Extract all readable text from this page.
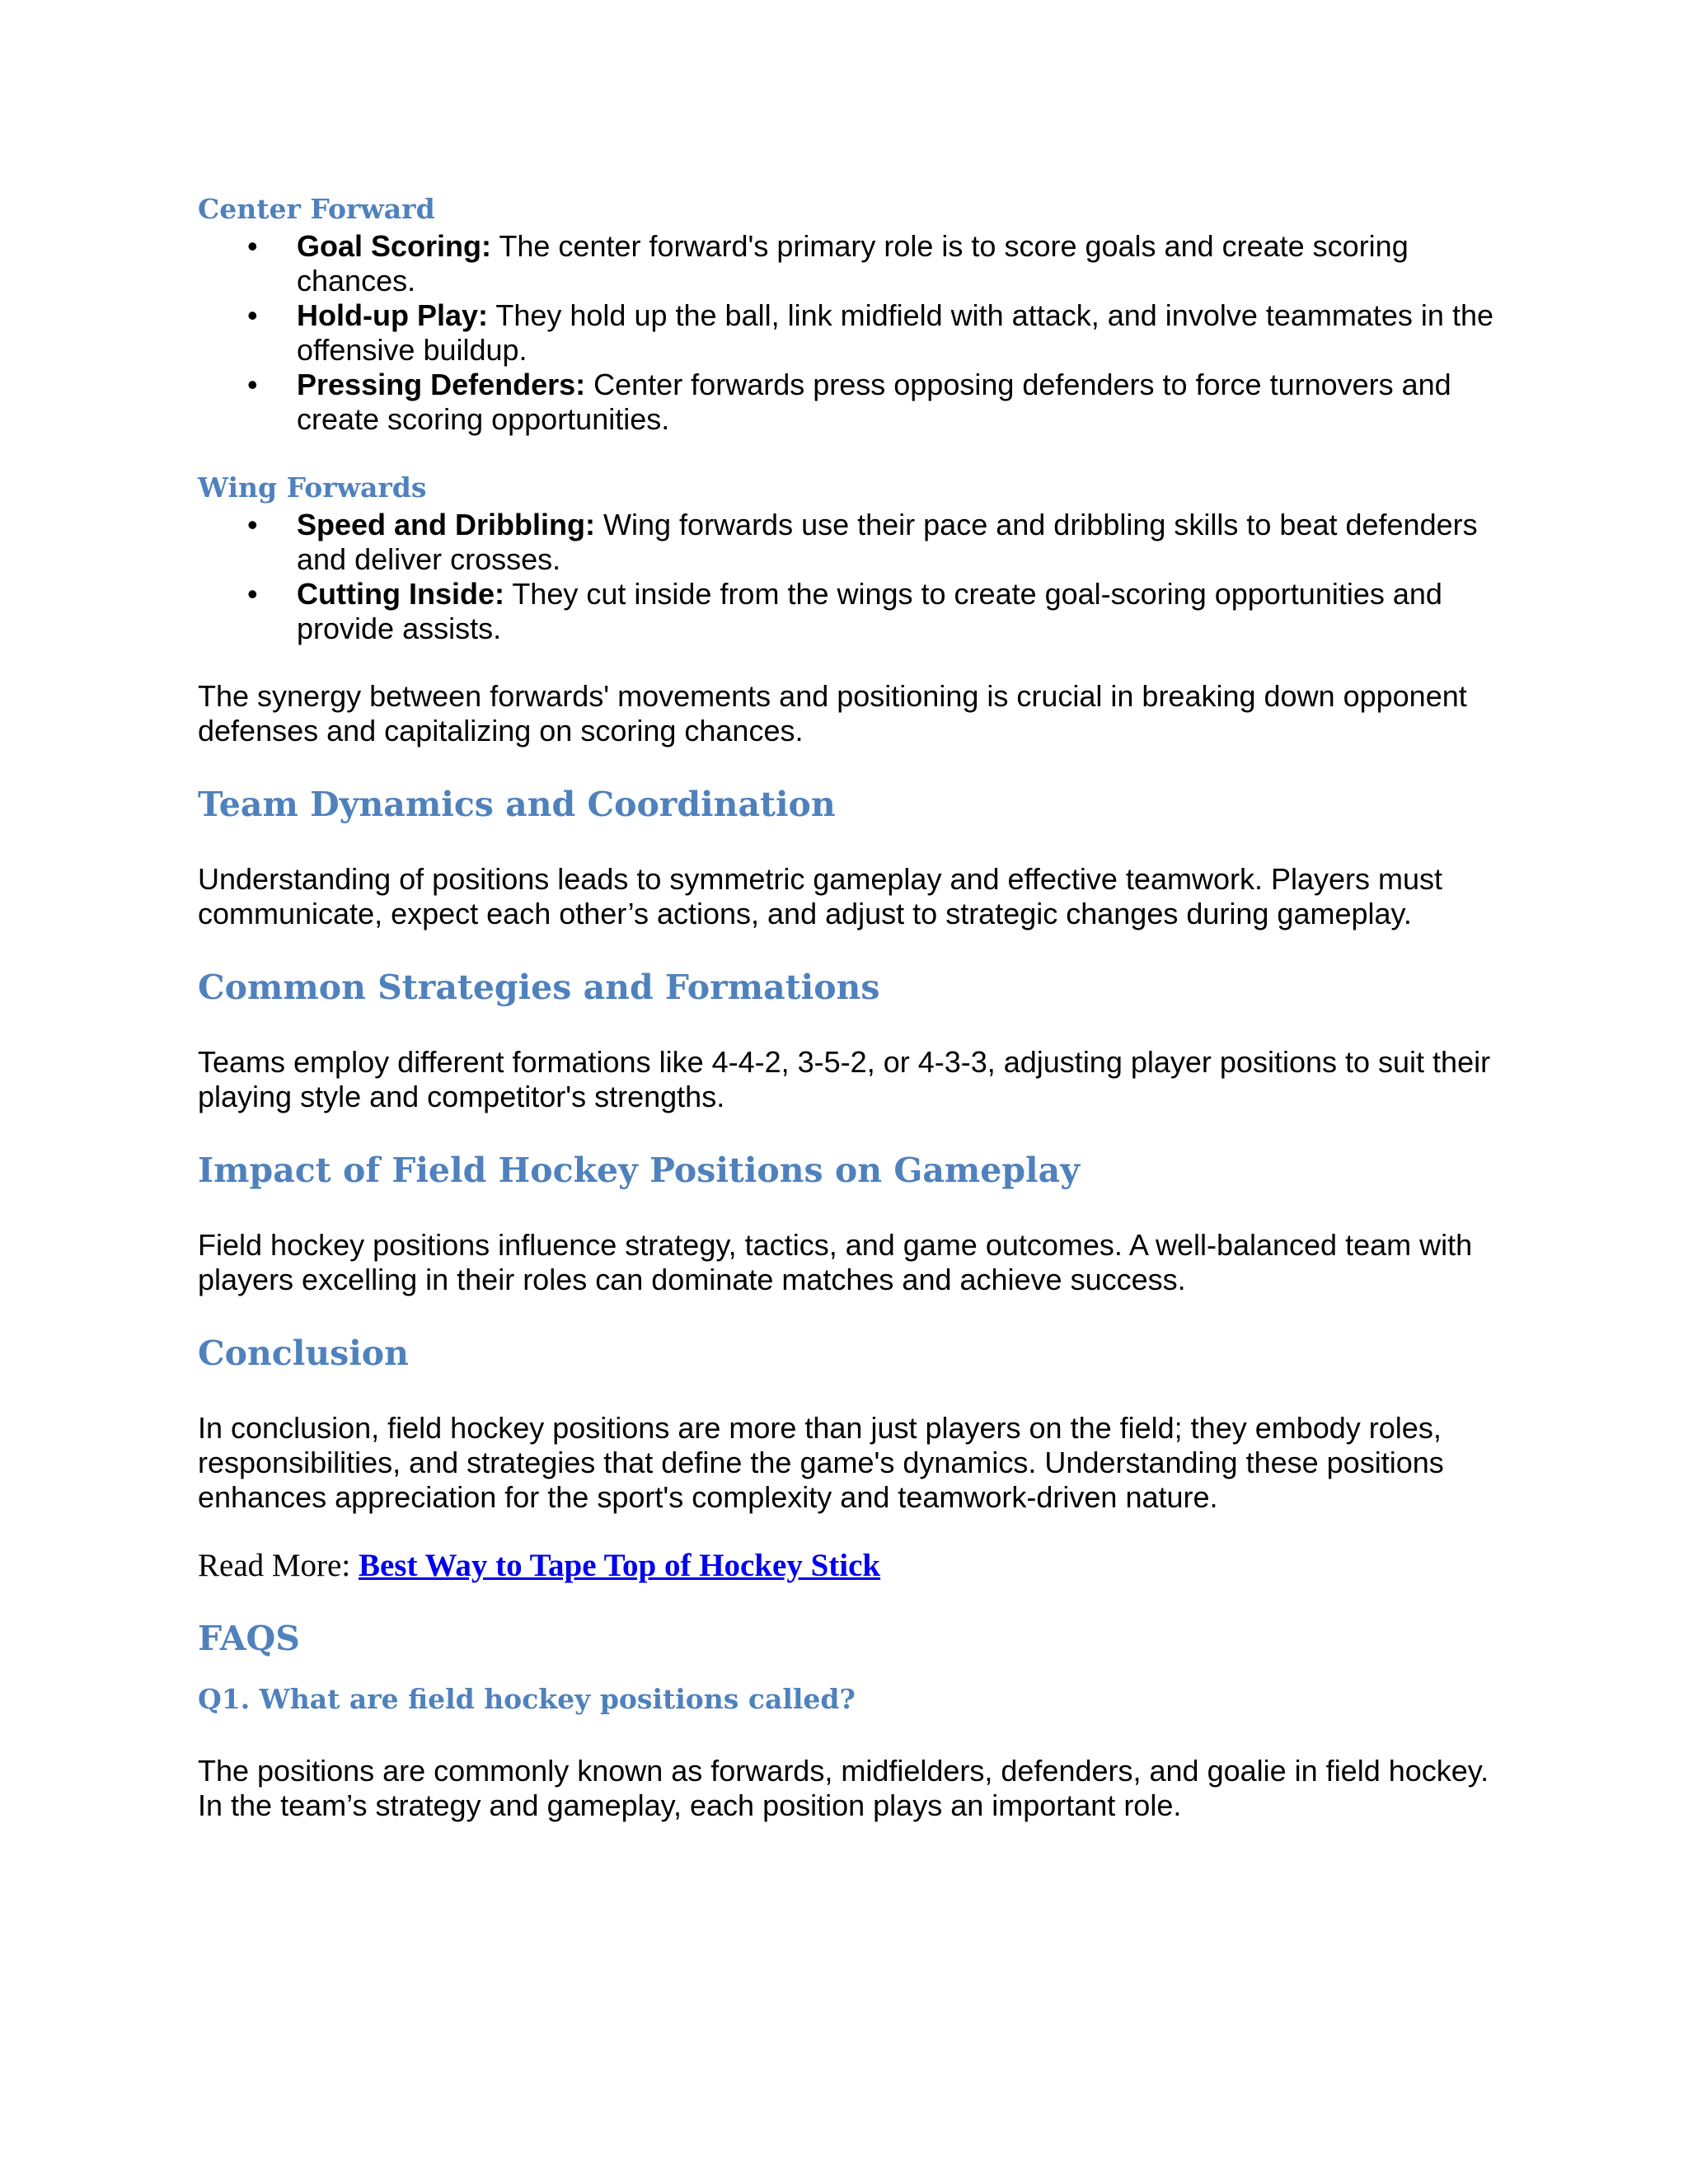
Center Forward
• Goal Scoring: The center forward's primary role is to score goals and create scoring chances.
• Hold-up Play: They hold up the ball, link midfield with attack, and involve teammates in the offensive buildup.
• Pressing Defenders: Center forwards press opposing defenders to force turnovers and create scoring opportunities.
Wing Forwards
• Speed and Dribbling: Wing forwards use their pace and dribbling skills to beat defenders and deliver crosses.
• Cutting Inside: They cut inside from the wings to create goal-scoring opportunities and provide assists.

The synergy between forwards' movements and positioning is crucial in breaking down opponent defenses and capitalizing on scoring chances.

Team Dynamics and Coordination

Understanding of positions leads to symmetric gameplay and effective teamwork. Players must communicate, expect each other’s actions, and adjust to strategic changes during gameplay.

Common Strategies and Formations

Teams employ different formations like 4-4-2, 3-5-2, or 4-3-3, adjusting player positions to suit their playing style and competitor's strengths.

Impact of Field Hockey Positions on Gameplay

Field hockey positions influence strategy, tactics, and game outcomes. A well-balanced team with players excelling in their roles can dominate matches and achieve success.

Conclusion

In conclusion, field hockey positions are more than just players on the field; they embody roles, responsibilities, and strategies that define the game's dynamics. Understanding these positions enhances appreciation for the sport's complexity and teamwork-driven nature.

Read More: Best Way to Tape Top of Hockey Stick

FAQS
Q1. What are field hockey positions called?

The positions are commonly known as forwards, midfielders, defenders, and goalie in field hockey. In the team’s strategy and gameplay, each position plays an important role.
